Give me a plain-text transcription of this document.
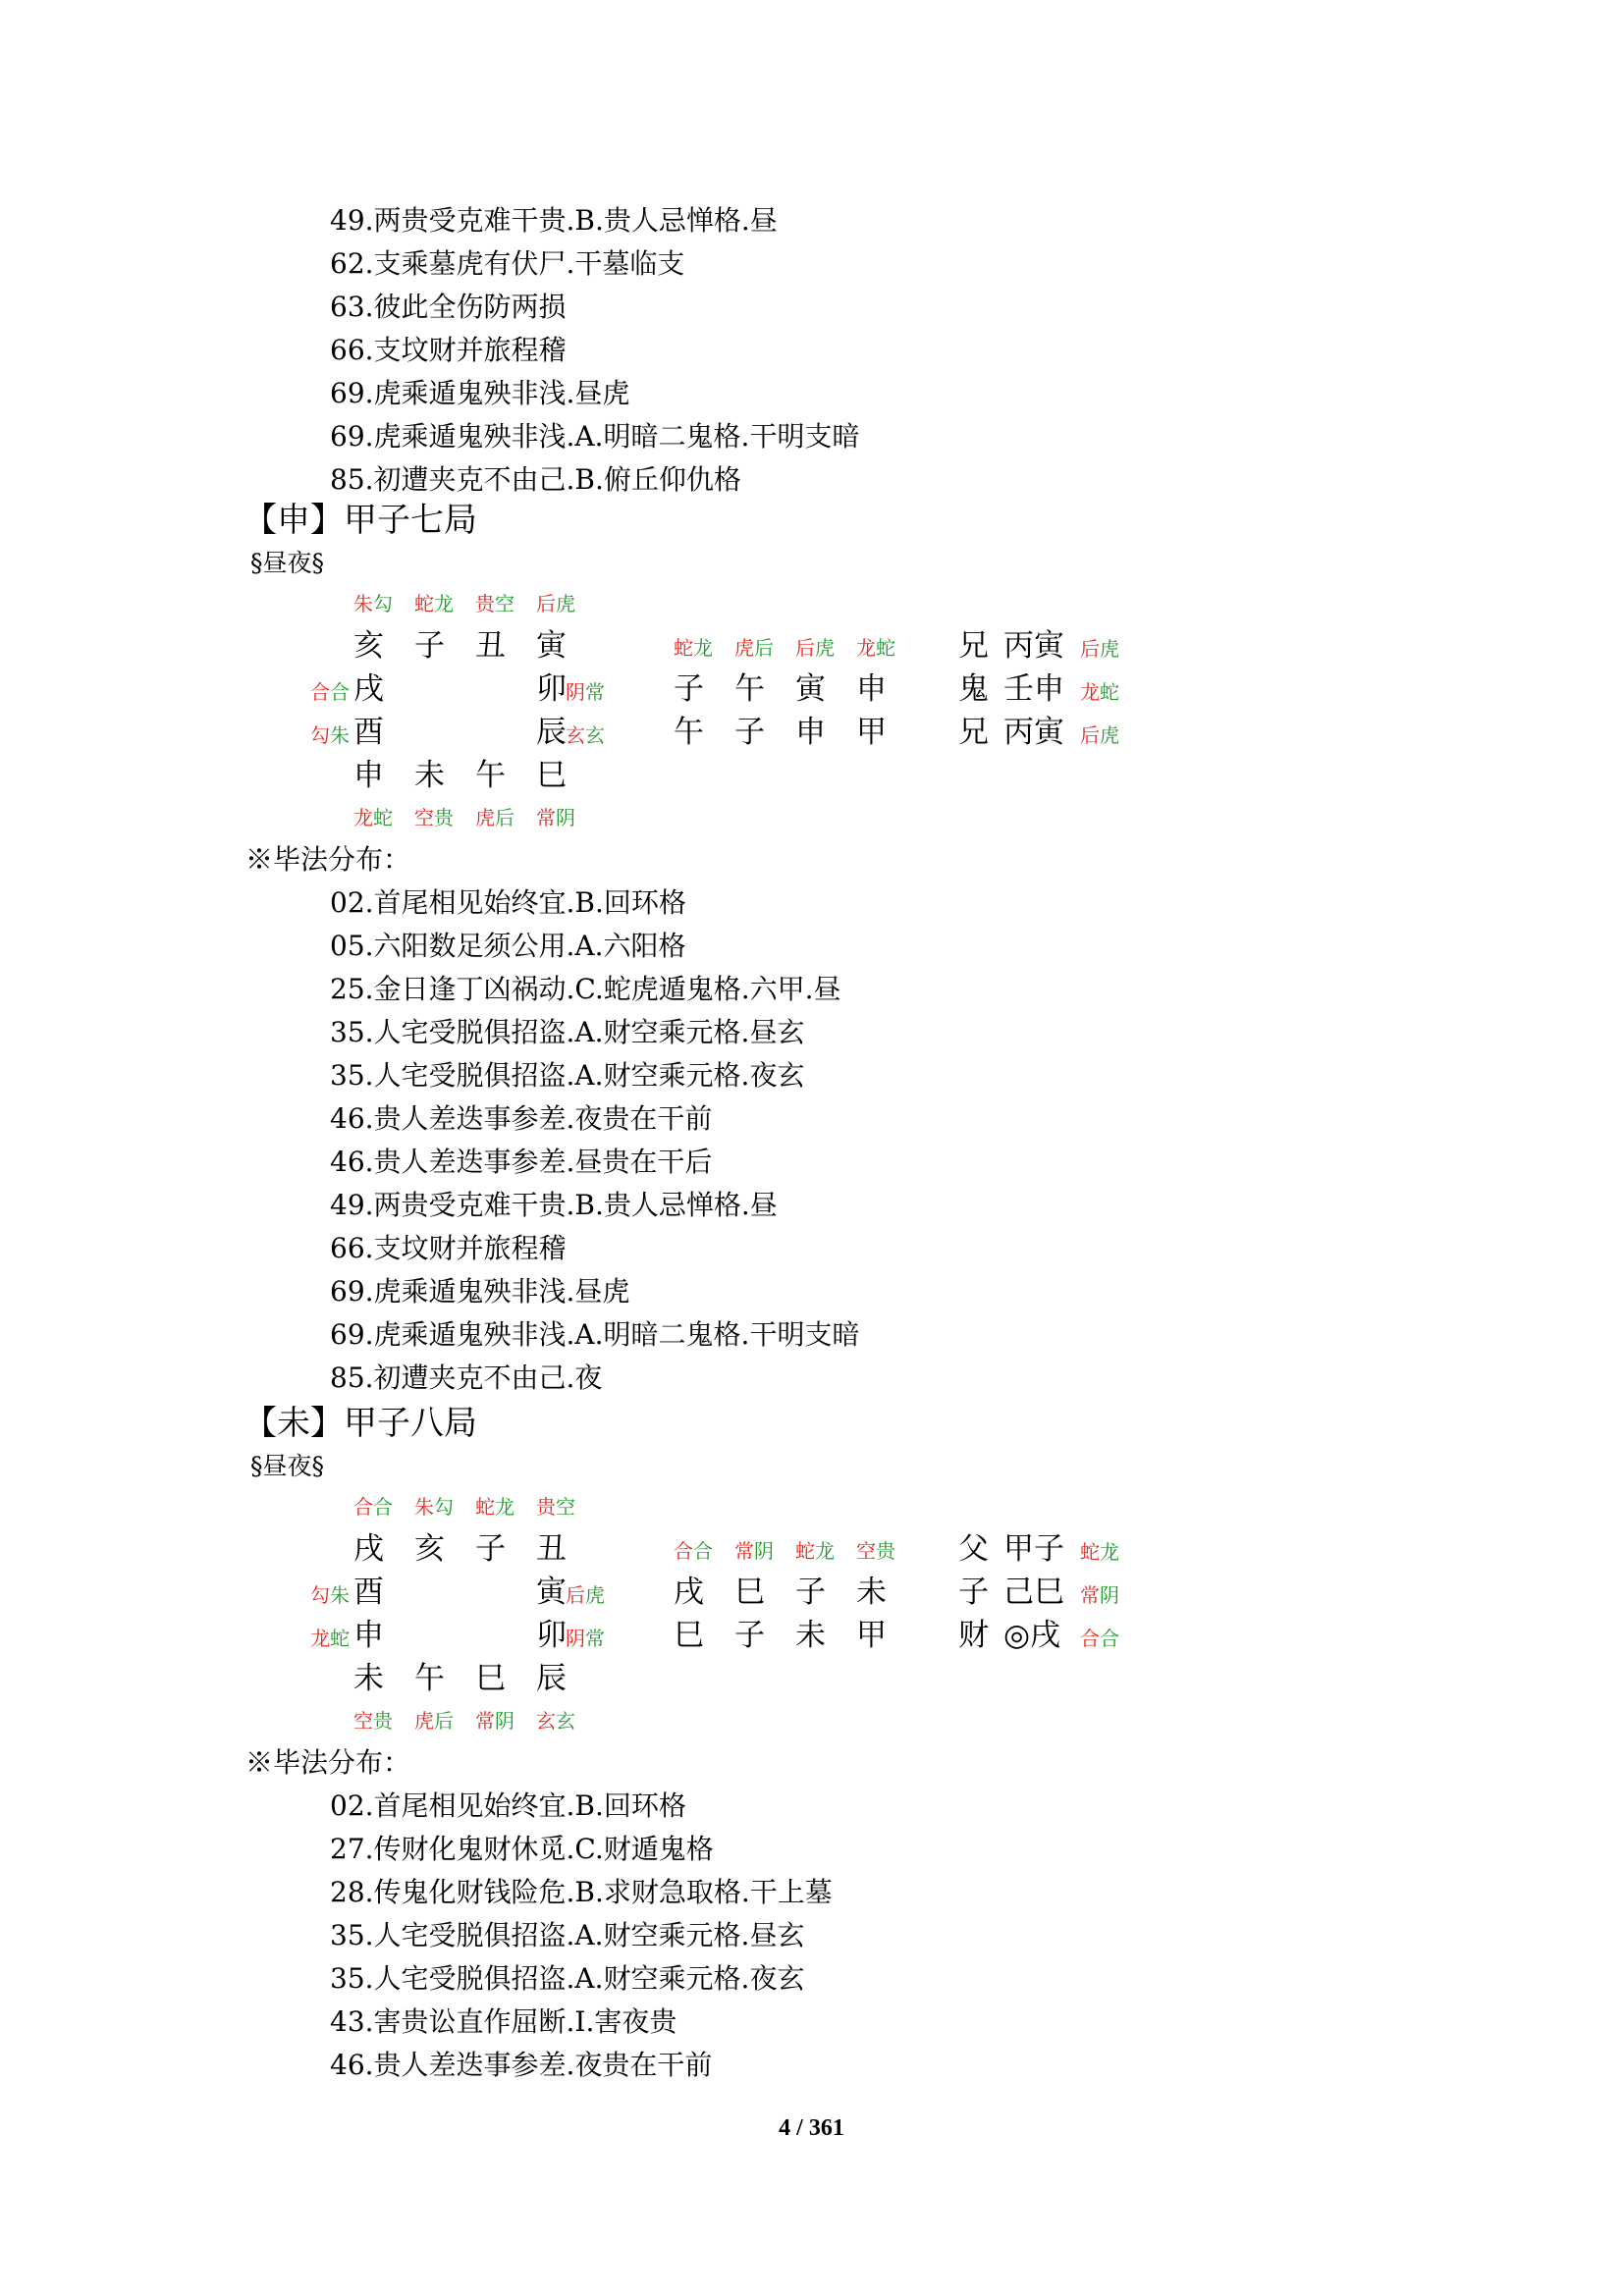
49.两贵受克难干贵.B.贵人忌惮格.昼
62.支乘墓虎有伏尸.干墓临支
63.彼此全伤防两损
66.支坟财并旅程稽
69.虎乘遁鬼殃非浅.昼虎
69.虎乘遁鬼殃非浅.A.明暗二鬼格.干明支暗
85.初遭夹克不由己.B.俯丘仰仇格
【申】甲子七局
§昼夜§
朱勾 蛇龙 贵空 后虎
亥 子 丑 寅
合合 戌
勾朱 酉
卯 阴常
辰 玄玄
申 未 午 巳
龙蛇 空贵 虎后 常阴
蛇龙 虎后 后虎 龙蛇
子 午 寅 申
午 子 申 甲
兄 丙寅 后虎
鬼 壬申 龙蛇
兄 丙寅 后虎
※毕法分布：
02.首尾相见始终宜.B.回环格
05.六阳数足须公用.A.六阳格
25.金日逢丁凶祸动.C.蛇虎遁鬼格.六甲.昼
35.人宅受脱俱招盗.A.财空乘元格.昼玄
35.人宅受脱俱招盗.A.财空乘元格.夜玄
46.贵人差迭事参差.夜贵在干前
46.贵人差迭事参差.昼贵在干后
49.两贵受克难干贵.B.贵人忌惮格.昼
66.支坟财并旅程稽
69.虎乘遁鬼殃非浅.昼虎
69.虎乘遁鬼殃非浅.A.明暗二鬼格.干明支暗
85.初遭夹克不由己.夜
【未】甲子八局
§昼夜§
合合 朱勾 蛇龙 贵空
戌 亥 子 丑
勾朱 酉
龙蛇 申
寅 后虎
卯 阴常
未 午 巳 辰
空贵 虎后 常阴 玄玄
合合 常阴 蛇龙 空贵
戌 巳 子 未
巳 子 未 甲
父 甲子 蛇龙
子 己巳 常阴
财 ◎戌 合合
※毕法分布：
02.首尾相见始终宜.B.回环格
27.传财化鬼财休觅.C.财遁鬼格
28.传鬼化财钱险危.B.求财急取格.干上墓
35.人宅受脱俱招盗.A.财空乘元格.昼玄
35.人宅受脱俱招盗.A.财空乘元格.夜玄
43.害贵讼直作屈断.Ⅰ.害夜贵
46.贵人差迭事参差.夜贵在干前
4 / 361
